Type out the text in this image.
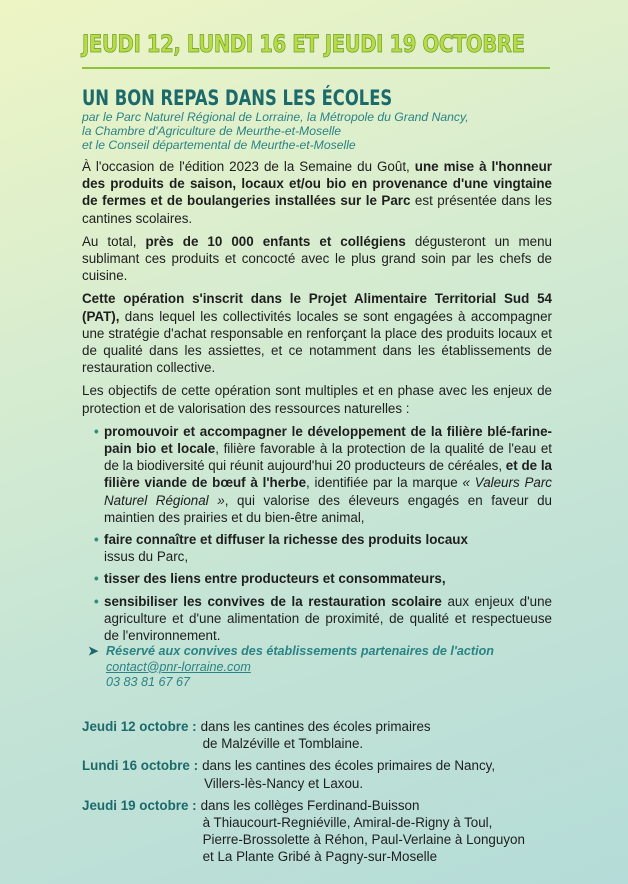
JEUDI 12, LUNDI 16 ET JEUDI 19 OCTOBRE
UN BON REPAS DANS LES ÉCOLES
par le Parc Naturel Régional de Lorraine, la Métropole du Grand Nancy,
la Chambre d'Agriculture de Meurthe-et-Moselle
et le Conseil départemental de Meurthe-et-Moselle

À l'occasion de l'édition 2023 de la Semaine du Goût, une mise à l'honneur des produits de saison, locaux et/ou bio en provenance d'une vingtaine de fermes et de boulangeries installées sur le Parc est présentée dans les cantines scolaires.

Au total, près de 10 000 enfants et collégiens dégusteront un menu sublimant ces produits et concocté avec le plus grand soin par les chefs de cuisine.

Cette opération s'inscrit dans le Projet Alimentaire Territorial Sud 54 (PAT), dans lequel les collectivités locales se sont engagées à accompagner une stratégie d'achat responsable en renforçant la place des produits locaux et de qualité dans les assiettes, et ce notamment dans les établissements de restauration collective.

Les objectifs de cette opération sont multiples et en phase avec les enjeux de protection et de valorisation des ressources naturelles :

• promouvoir et accompagner le développement de la filière blé-farine-pain bio et locale, filière favorable à la protection de la qualité de l'eau et de la biodiversité qui réunit aujourd'hui 20 producteurs de céréales, et de la filière viande de bœuf à l'herbe, identifiée par la marque « Valeurs Parc Naturel Régional », qui valorise des éleveurs engagés en faveur du maintien des prairies et du bien-être animal,
• faire connaître et diffuser la richesse des produits locaux
issus du Parc,
• tisser des liens entre producteurs et consommateurs,
• sensibiliser les convives de la restauration scolaire aux enjeux d'une agriculture et d'une alimentation de proximité, de qualité et respectueuse de l'environnement.
➤ Réservé aux convives des établissements partenaires de l'action
contact@pnr-lorraine.com
03 83 81 67 67
Jeudi 12 octobre : dans les cantines des écoles primaires
de Malzéville et Tomblaine.
Lundi 16 octobre : dans les cantines des écoles primaires de Nancy,
Villers-lès-Nancy et Laxou.
Jeudi 19 octobre : dans les collèges Ferdinand-Buisson
à Thiaucourt-Regniéville, Amiral-de-Rigny à Toul,
Pierre-Brossolette à Réhon, Paul-Verlaine à Longuyon
et La Plante Gribé à Pagny-sur-Moselle
